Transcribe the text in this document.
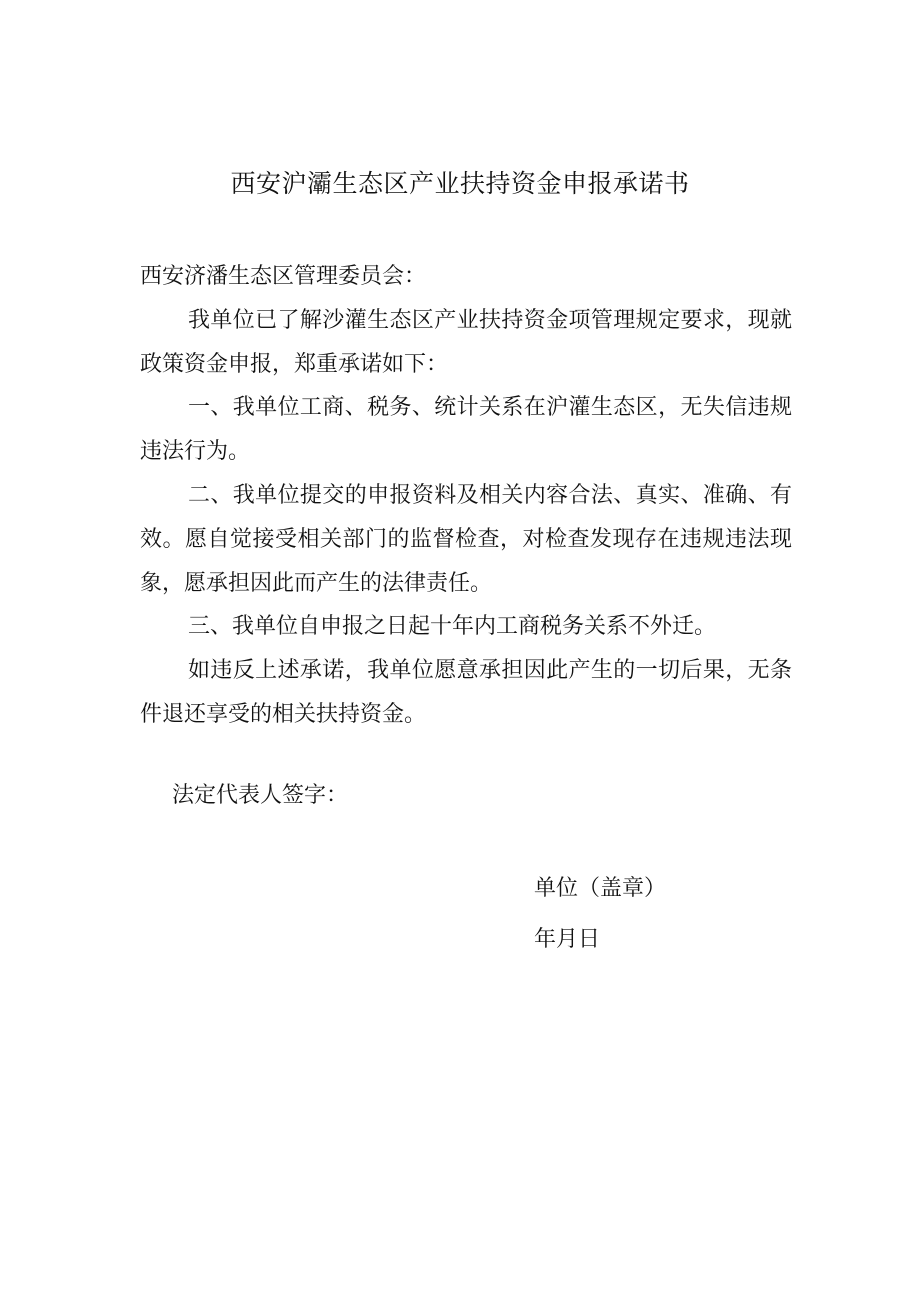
西安沪灞生态区产业扶持资金申报承诺书

西安济潘生态区管理委员会：

我单位已了解沙灌生态区产业扶持资金项管理规定要求，现就政策资金申报，郑重承诺如下：

一、我单位工商、税务、统计关系在沪灌生态区，无失信违规违法行为。

二、我单位提交的申报资料及相关内容合法、真实、准确、有效。愿自觉接受相关部门的监督检查，对检查发现存在违规违法现象，愿承担因此而产生的法律责任。

三、我单位自申报之日起十年内工商税务关系不外迁。

如违反上述承诺，我单位愿意承担因此产生的一切后果，无条件退还享受的相关扶持资金。

法定代表人签字：
单位（盖章）
年月日
